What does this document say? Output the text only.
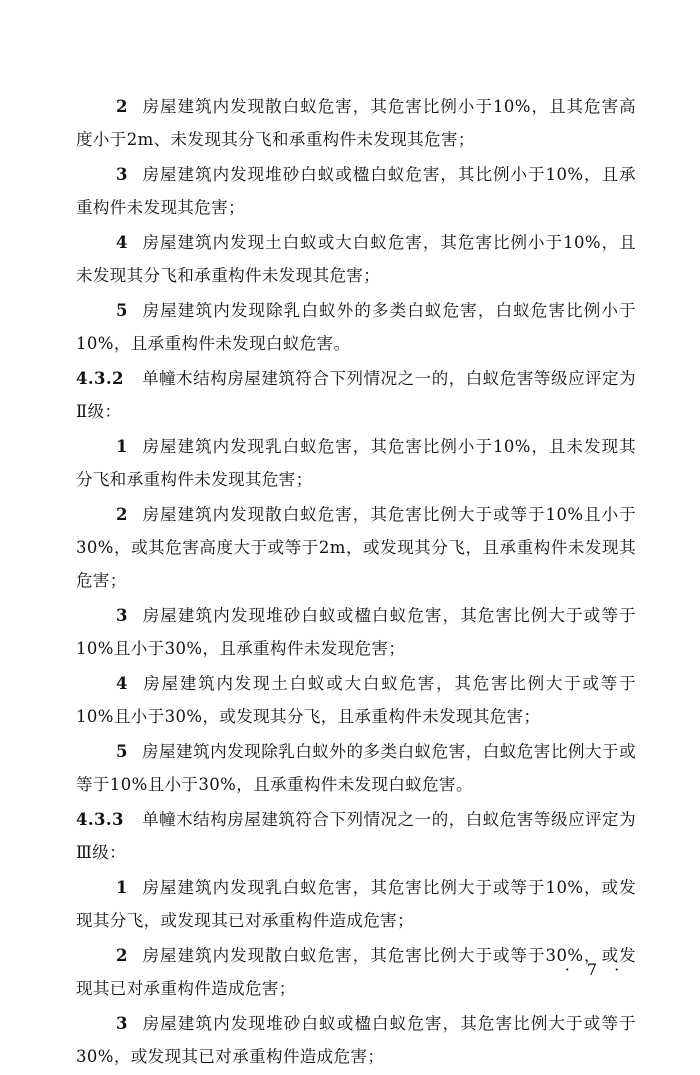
2 房屋建筑内发现散白蚁危害，其危害比例小于10%，且其危害高度小于2m、未发现其分飞和承重构件未发现其危害；
3 房屋建筑内发现堆砂白蚁或楹白蚁危害，其比例小于10%，且承重构件未发现其危害；
4 房屋建筑内发现土白蚁或大白蚁危害，其危害比例小于10%，且未发现其分飞和承重构件未发现其危害；
5 房屋建筑内发现除乳白蚁外的多类白蚁危害，白蚁危害比例小于10%，且承重构件未发现白蚁危害。
4.3.2 单幢木结构房屋建筑符合下列情况之一的，白蚁危害等级应评定为Ⅱ级：
1 房屋建筑内发现乳白蚁危害，其危害比例小于10%，且未发现其分飞和承重构件未发现其危害；
2 房屋建筑内发现散白蚁危害，其危害比例大于或等于10%且小于30%，或其危害高度大于或等于2m，或发现其分飞，且承重构件未发现其危害；
3 房屋建筑内发现堆砂白蚁或楹白蚁危害，其危害比例大于或等于10%且小于30%，且承重构件未发现危害；
4 房屋建筑内发现土白蚁或大白蚁危害，其危害比例大于或等于10%且小于30%，或发现其分飞，且承重构件未发现其危害；
5 房屋建筑内发现除乳白蚁外的多类白蚁危害，白蚁危害比例大于或等于10%且小于30%，且承重构件未发现白蚁危害。
4.3.3 单幢木结构房屋建筑符合下列情况之一的，白蚁危害等级应评定为Ⅲ级：
1 房屋建筑内发现乳白蚁危害，其危害比例大于或等于10%，或发现其分飞，或发现其已对承重构件造成危害；
2 房屋建筑内发现散白蚁危害，其危害比例大于或等于30%，或发现其已对承重构件造成危害；
3 房屋建筑内发现堆砂白蚁或楹白蚁危害，其危害比例大于或等于30%，或发现其已对承重构件造成危害；
· 7 ·
